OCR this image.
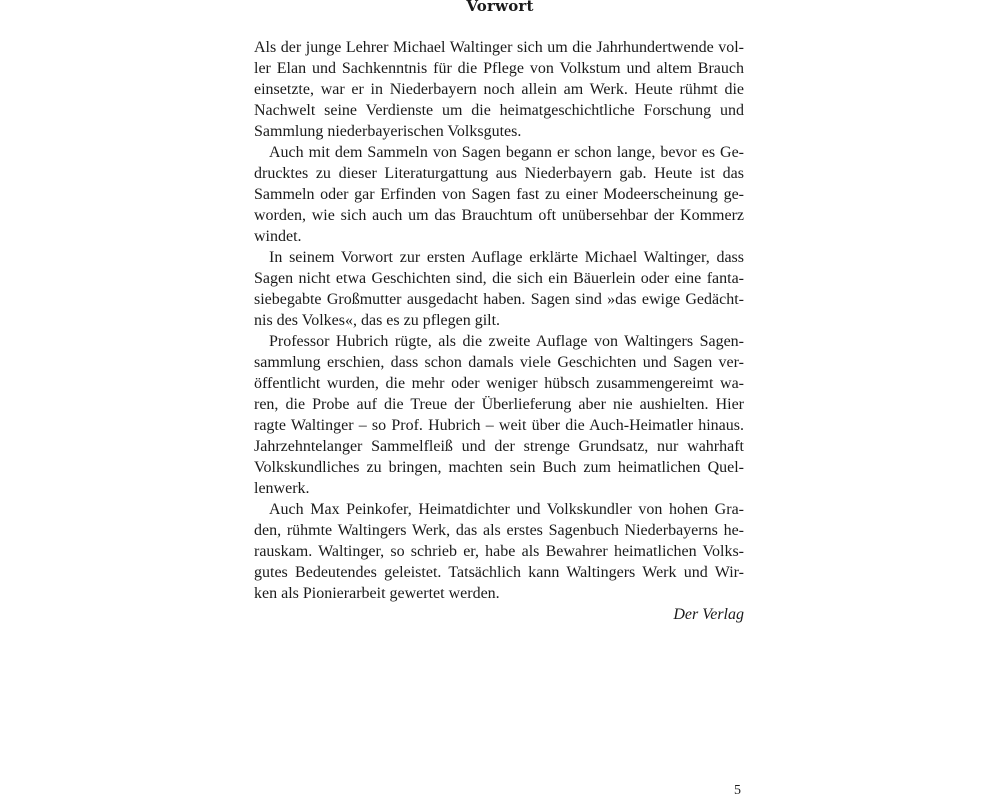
Vorwort
Als der junge Lehrer Michael Waltinger sich um die Jahrhundertwende vol-
ler Elan und Sachkenntnis für die Pflege von Volkstum und altem Brauch
einsetzte, war er in Niederbayern noch allein am Werk. Heute rühmt die
Nachwelt seine Verdienste um die heimatgeschichtliche Forschung und
Sammlung niederbayerischen Volksgutes.
Auch mit dem Sammeln von Sagen begann er schon lange, bevor es Ge-
drucktes zu dieser Literaturgattung aus Niederbayern gab. Heute ist das
Sammeln oder gar Erfinden von Sagen fast zu einer Modeerscheinung ge-
worden, wie sich auch um das Brauchtum oft unübersehbar der Kommerz
windet.
In seinem Vorwort zur ersten Auflage erklärte Michael Waltinger, dass
Sagen nicht etwa Geschichten sind, die sich ein Bäuerlein oder eine fanta-
siebegabte Großmutter ausgedacht haben. Sagen sind »das ewige Gedächt-
nis des Volkes«, das es zu pflegen gilt.
Professor Hubrich rügte, als die zweite Auflage von Waltingers Sagen-
sammlung erschien, dass schon damals viele Geschichten und Sagen ver-
öffentlicht wurden, die mehr oder weniger hübsch zusammengereimt wa-
ren, die Probe auf die Treue der Überlieferung aber nie aushielten. Hier
ragte Waltinger – so Prof. Hubrich – weit über die Auch-Heimatler hinaus.
Jahrzehntelanger Sammelfleiß und der strenge Grundsatz, nur wahrhaft
Volkskundliches zu bringen, machten sein Buch zum heimatlichen Quel-
lenwerk.
Auch Max Peinkofer, Heimatdichter und Volkskundler von hohen Gra-
den, rühmte Waltingers Werk, das als erstes Sagenbuch Niederbayerns he-
rauskam. Waltinger, so schrieb er, habe als Bewahrer heimatlichen Volks-
gutes Bedeutendes geleistet. Tatsächlich kann Waltingers Werk und Wir-
ken als Pionierarbeit gewertet werden.
Der Verlag
5
